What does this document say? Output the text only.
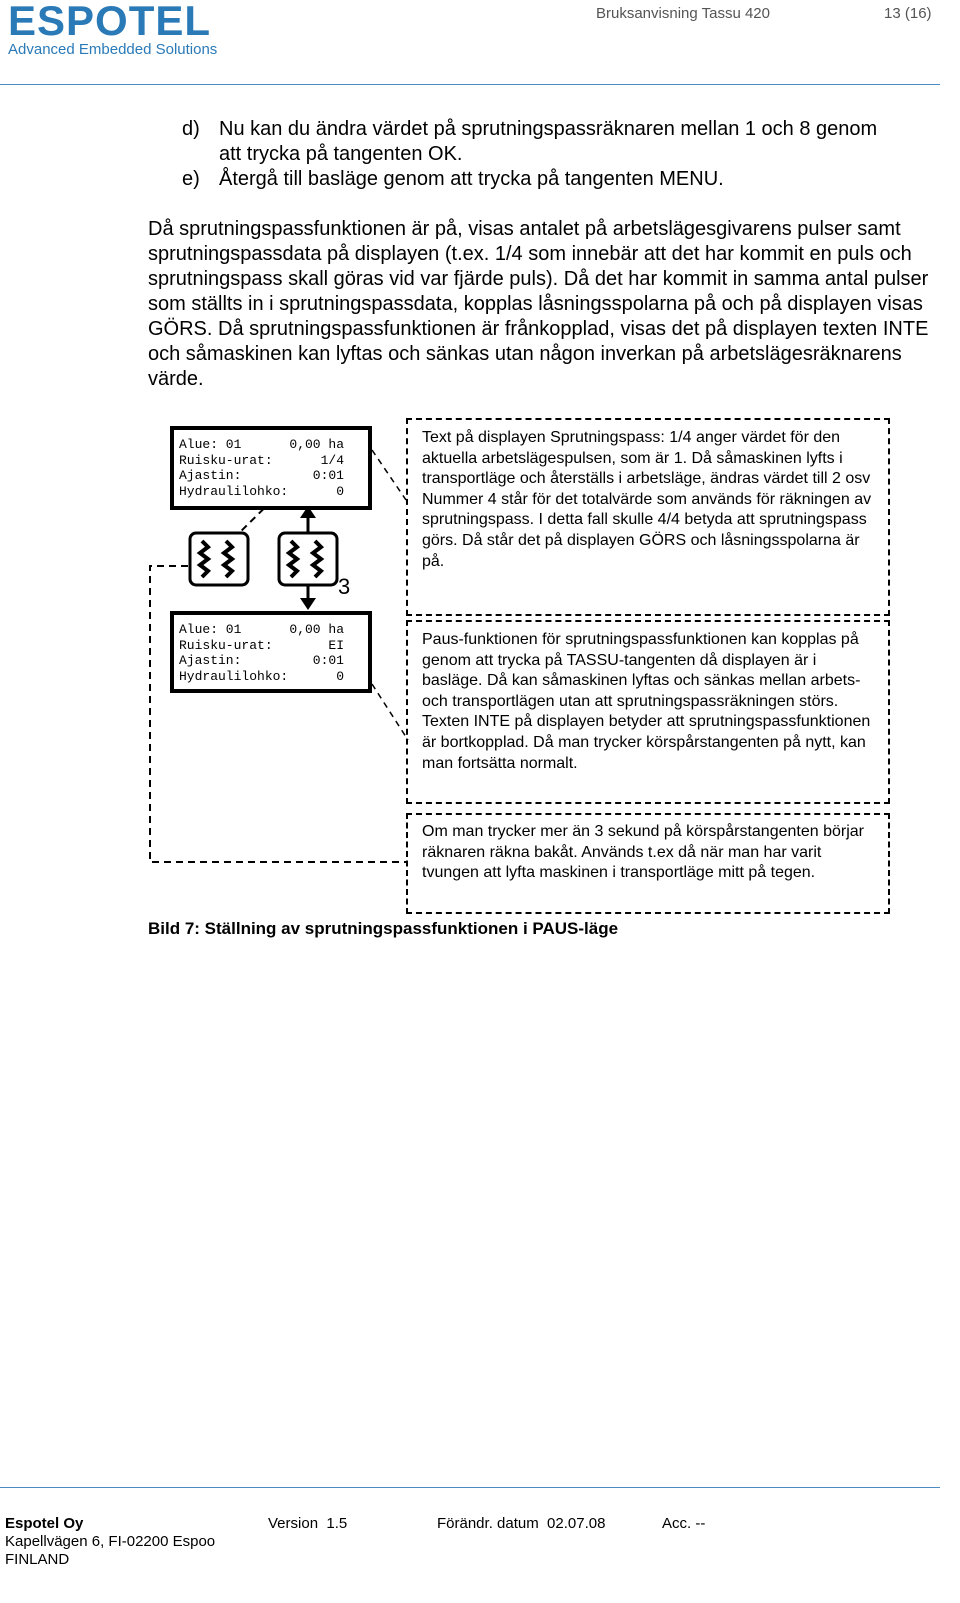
ESPOTEL
Advanced Embedded Solutions
Bruksanvisning Tassu 420	13 (16)
d) Nu kan du ändra värdet på sprutningspassräknaren mellan 1 och 8 genom att trycka på tangenten OK.
e) Återgå till basläge genom att trycka på tangenten MENU.
Då sprutningspassfunktionen är på, visas antalet på arbetslägesgivarens pulser samt sprutningspassdata på displayen (t.ex. 1/4 som innebär att det har kommit en puls och sprutningspass skall göras vid var fjärde puls). Då det har kommit in samma antal pulser som ställts in i sprutningspassdata, kopplas låsningsspolarna på och på displayen visas GÖRS. Då sprutningspassfunktionen är frånkopplad, visas det på displayen texten INTE och såmaskinen kan lyftas och sänkas utan någon inverkan på arbetslägesräknarens värde.
3
Alue: 01	0,00 ha
Ruisku-urat:	1/4
Ajastin:	0:01
Hydraulilohko:	0
Alue: 01	0,00 ha
Ruisku-urat:	EI
Ajastin:	0:01
Hydraulilohko:	0
Text på displayen Sprutningspass: 1/4 anger värdet för den aktuella arbetslägespulsen, som är 1. Då såmaskinen lyfts i transportläge och återställs i arbetsläge, ändras värdet till 2 osv Nummer 4 står för det totalvärde som används för räkningen av sprutningspass. I detta fall skulle 4/4 betyda att sprutningspass görs. Då står det på displayen GÖRS och låsningsspolarna är på.
Paus-funktionen för sprutningspassfunktionen kan kopplas på genom att trycka på TASSU-tangenten då displayen är i basläge. Då kan såmaskinen lyftas och sänkas mellan arbets- och transportlägen utan att sprutningspassräkningen störs. Texten INTE på displayen betyder att sprutningspassfunktionen är bortkopplad. Då man trycker körspårstangenten på nytt, kan man fortsätta normalt.
Om man trycker mer än 3 sekund på körspårstangenten börjar räknaren räkna bakåt. Används t.ex då när man har varit tvungen att lyfta maskinen i transportläge mitt på tegen.
Bild 7: Ställning av sprutningspassfunktionen i PAUS-läge
Espotel Oy
Kapellvägen 6, FI-02200 Espoo
FINLAND
Version  1.5	Förändr. datum  02.07.08	Acc. --
